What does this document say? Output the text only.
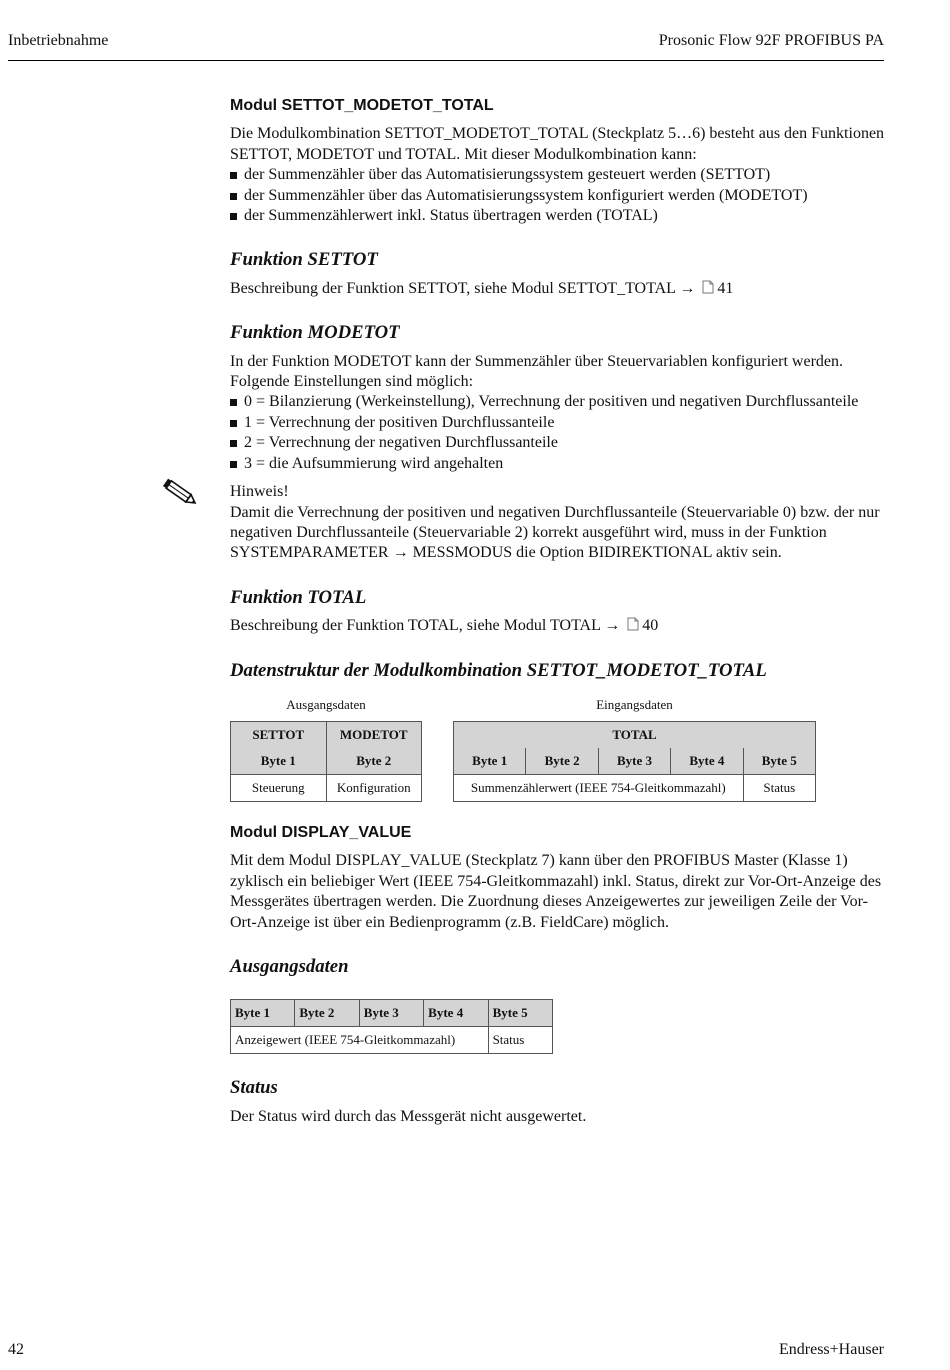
Inbetriebnahme	Prosonic Flow 92F PROFIBUS PA
Modul SETTOT_MODETOT_TOTAL

Die Modulkombination SETTOT_MODETOT_TOTAL (Steckplatz 5…6) besteht aus den Funktionen SETTOT, MODETOT und TOTAL. Mit dieser Modulkombination kann:

der Summenzähler über das Automatisierungssystem gesteuert werden (SETTOT)
der Summenzähler über das Automatisierungssystem konfiguriert werden (MODETOT)
der Summenzählerwert inkl. Status übertragen werden (TOTAL)
Funktion SETTOT

Beschreibung der Funktion SETTOT, siehe Modul SETTOT_TOTAL → 41

Funktion MODETOT

In der Funktion MODETOT kann der Summenzähler über Steuervariablen konfiguriert werden. Folgende Einstellungen sind möglich:

0 = Bilanzierung (Werkeinstellung), Verrechnung der positiven und negativen Durchflussanteile
1 = Verrechnung der positiven Durchflussanteile
2 = Verrechnung der negativen Durchflussanteile
3 = die Aufsummierung wird angehalten

Hinweis!

Damit die Verrechnung der positiven und negativen Durchflussanteile (Steuervariable 0) bzw. der nur negativen Durchflussanteile (Steuervariable 2) korrekt ausgeführt wird, muss in der Funktion SYSTEMPARAMETER → MESSMODUS die Option BIDIREKTIONAL aktiv sein.

Funktion TOTAL

Beschreibung der Funktion TOTAL, siehe Modul TOTAL → 40

Datenstruktur der Modulkombination SETTOT_MODETOT_TOTAL
Ausgangsdaten
SETTOT	MODETOT
Byte 1	Byte 2
Steuerung	Konfiguration
Eingangsdaten
TOTAL				
Byte 1	Byte 2	Byte 3	Byte 4	Byte 5
Summenzählerwert (IEEE 754-Gleitkommazahl)				Status
Modul DISPLAY_VALUE

Mit dem Modul DISPLAY_VALUE (Steckplatz 7) kann über den PROFIBUS Master (Klasse 1) zyklisch ein beliebiger Wert (IEEE 754-Gleitkommazahl) inkl. Status, direkt zur Vor-Ort-Anzeige des Messgerätes übertragen werden. Die Zuordnung dieses Anzeigewertes zur jeweiligen Zeile der Vor-Ort-Anzeige ist über ein Bedienprogramm (z.B. FieldCare) möglich.

Ausgangsdaten
Byte 1	Byte 2	Byte 3	Byte 4	Byte 5
Anzeigewert (IEEE 754-Gleitkommazahl)				Status
Status

Der Status wird durch das Messgerät nicht ausgewertet.

42	Endress+Hauser
